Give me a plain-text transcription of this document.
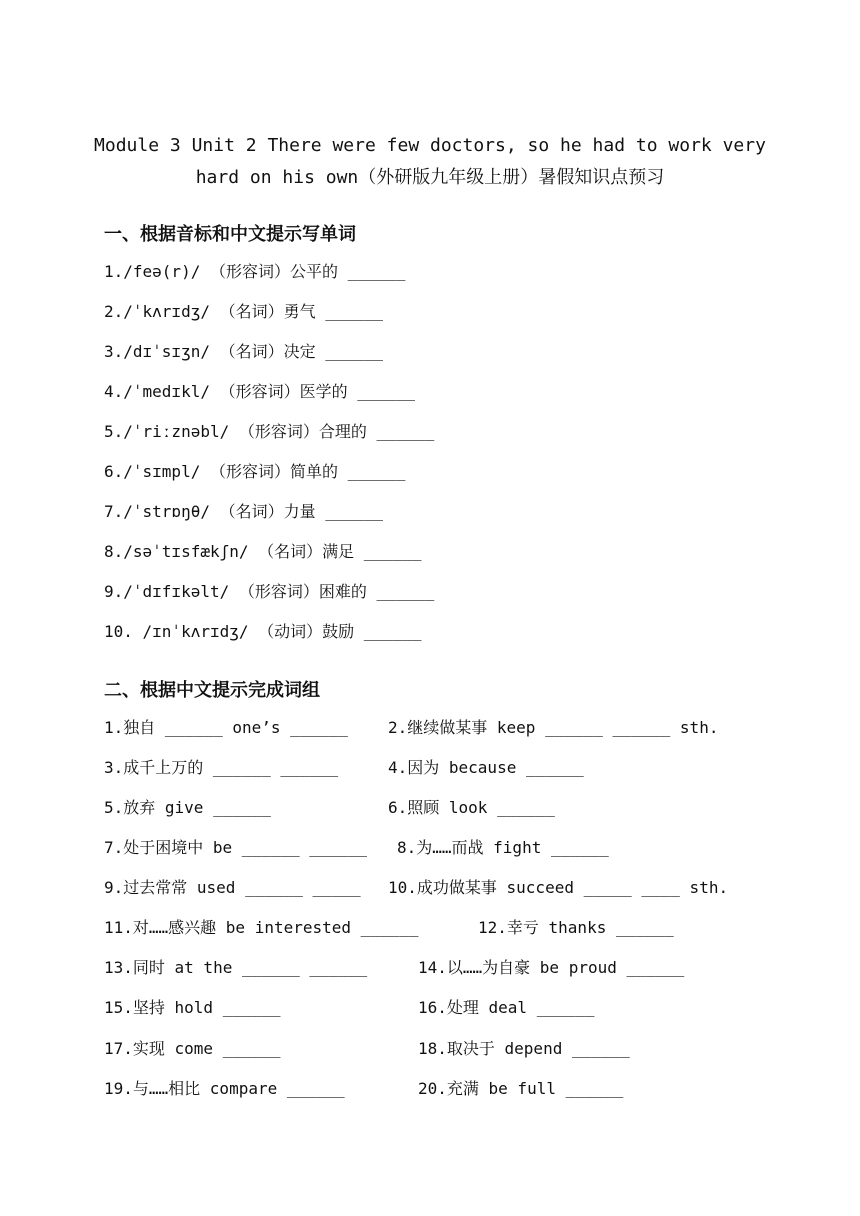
Module 3 Unit 2 There were few doctors, so he had to work very
hard on his own（外研版九年级上册）暑假知识点预习
一、根据音标和中文提示写单词
1./feə(r)/ （形容词）公平的 ______
2./ˈkʌrɪdʒ/ （名词）勇气 ______
3./dɪˈsɪʒn/ （名词）决定 ______
4./ˈmedɪkl/ （形容词）医学的 ______
5./ˈriːznəbl/ （形容词）合理的 ______
6./ˈsɪmpl/ （形容词）简单的 ______
7./ˈstrɒŋθ/ （名词）力量 ______
8./səˈtɪsfækʃn/ （名词）满足 ______
9./ˈdɪfɪkəlt/ （形容词）困难的 ______
10. /ɪnˈkʌrɪdʒ/ （动词）鼓励 ______
二、根据中文提示完成词组
1.独自 ______ one’s ______	2.继续做某事 keep ______ ______ sth.
3.成千上万的 ______ ______	4.因为 because ______
5.放弃 give ______	6.照顾 look ______
7.处于困境中 be ______ ______ 8.为……而战 fight ______
9.过去常常 used ______ _____ 10.成功做某事 succeed _____ ____ sth.
11.对……感兴趣 be interested ______	12.幸亏 thanks ______
13.同时 at the ______ ______	14.以……为自豪 be proud ______
15.坚持 hold ______	16.处理 deal ______
17.实现 come ______	18.取决于 depend ______
19.与……相比 compare ______	20.充满 be full ______
